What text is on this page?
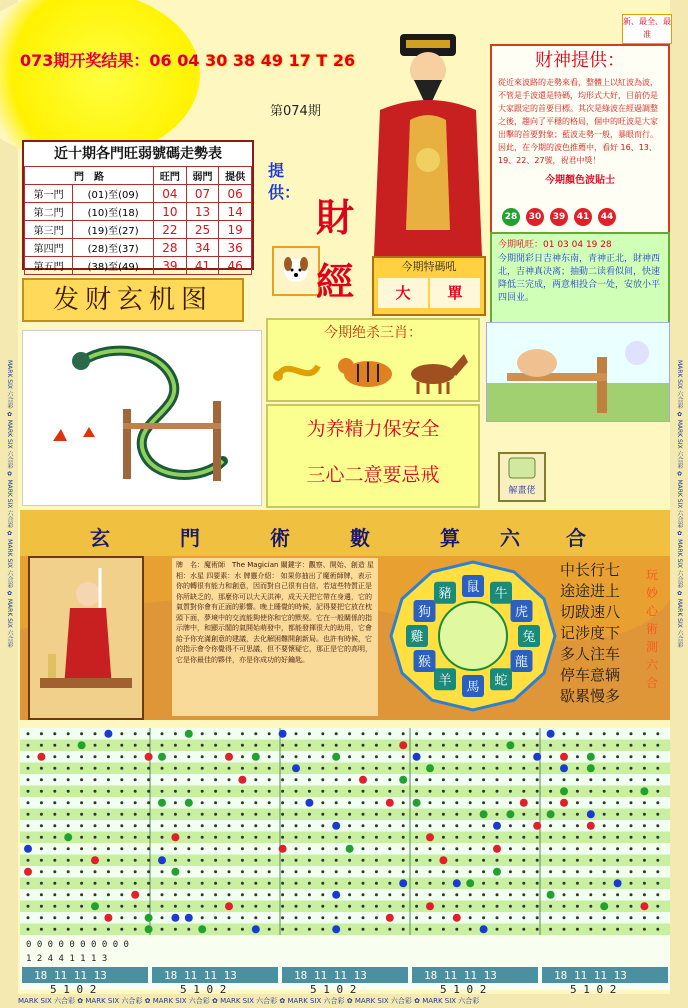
MARK SIX 六合彩 ✿ MARK SIX 六合彩 ✿ MARK SIX 六合彩 ✿ MARK SIX 六合彩 ✿ MARK SIX 六合彩
MARK SIX 六合彩 ✿ MARK SIX 六合彩 ✿ MARK SIX 六合彩 ✿ MARK SIX 六合彩 ✿ MARK SIX 六合彩
MARK SIX 六合彩 ✿ MARK SIX 六合彩 ✿ MARK SIX 六合彩 ✿ MARK SIX 六合彩 ✿ MARK SIX 六合彩 ✿ MARK SIX 六合彩 ✿ MARK SIX 六合彩
073期开奖结果：06 04 30 38 49 17 T 26
第074期
新、最全、最准
近十期各門旺弱號碼走勢表
門　路		旺門	弱門	提供
第一門	(01)至(09)	04	07	06
第二門	(10)至(18)	10	13	14
第三門	(19)至(27)	22	25	19
第四門	(28)至(37)	28	34	36
第五門	(38)至(49)	39	41	46
发财玄机图
提供：
財
經	今期特碼吼
大	單
今期绝杀三肖：
为养精力保安全
三心二意要忌戒
财神提供：
從近來波路的走勢來看，整體上以紅波為波，不管是手波還是特碼，均形式大好，目前仍是大家跟定的首要目標。其次是綠波在經過調整之後，趨向了平穩的格局，個中的旺波是大家出擊的首要對象；藍波走勢一般，暴眼而行。因此，在今期的波色推薦中，看好 16、13、19、22、27號，祝君中獎！
今期顏色波貼士
28 30 39 41 44
今期吼旺：01 03 04 19 28
今期閒彩日吉神东南，青神正北，財神西北，吉神真决离；抽動二读看似间，快速降低三完成，两意相投合一处，安放小平四回业。
解畫佬
玄	門	術	數	算 六 合
牌　名：魔術師　The Magician 關鍵字：觀察、開始、創造 星　相：水星 四要素：水 牌靈介紹： 如果你抽出了魔術師牌，表示你的轉很有能力和創意，因而對自己很有自信，若這些特質正是你所缺乏的，那麼你可以大天洪神，成天天把它帶在身邊，它的氣質對你會有正面的影響。晚上睡覺的時候，記得要把它放在枕頭下面，夢境中的交流能夠使你和它的默契。它在一般關係的指示牌中，和顯示閣的氣開始萌發中，都能發揮很大的助用，它會給予你充滿創意的建議，去化解困難開創新局。也許有時候，它的指示會令你覺得不可思議，但不要懷疑它，那正是它的高明，它是你最佳的夥伴，亦是你成功的好鑰匙。
鼠 牛
虎
兔
龍
蛇
馬
羊
猴
雞
狗
豬
中长行七
途途进上
切跋速八
记涉度下
多人注车
停车意辆
歇累慢多
玩妙心術測六合
0 0 0 0 0 0 0 0 0 0
1 2 4 4 1 1 1 3
18 11 11 13
5 1 0 2
18 11 11 13
5 1 0 2
18 11 11 13
5 1 0 2
18 11 11 13
5 1 0 2
18 11 11 13
5 1 0 2
